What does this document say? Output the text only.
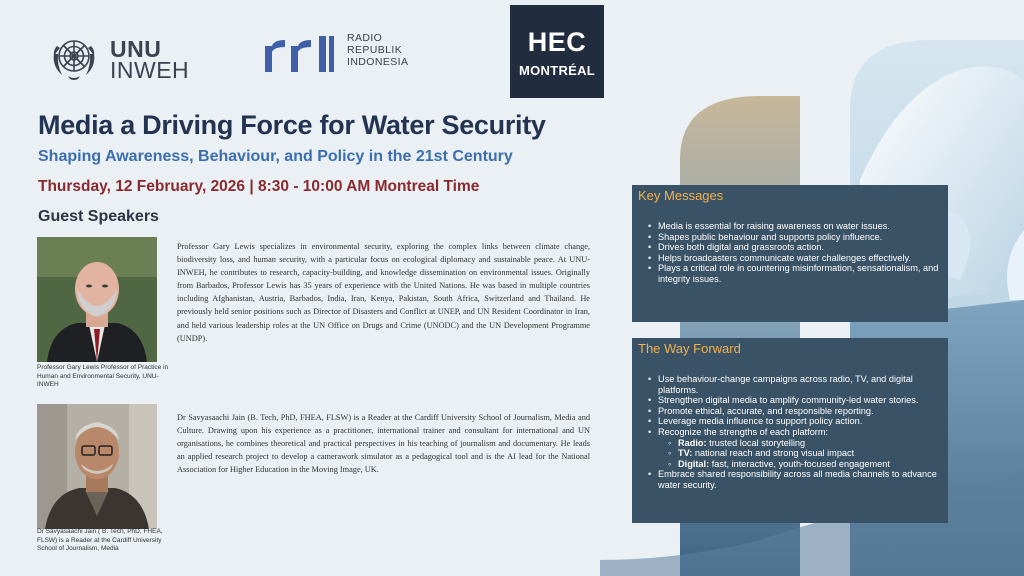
UNU
INWEH
RADIO
REPUBLIK
INDONESIA
HEC
MONTRÉAL
Media a Driving Force for Water Security
Shaping Awareness, Behaviour, and Policy in the 21st Century
Thursday, 12 February, 2026 | 8:30 - 10:00 AM Montreal Time
Guest Speakers
Professor Gary Lewis Professor of Practice in Human and Environmental Security, UNU-INWEH
Professor Gary Lewis specializes in environmental security, exploring the complex links between climate change, biodiversity loss, and human security, with a particular focus on ecological diplomacy and sustainable peace. At UNU-INWEH, he contributes to research, capacity-building, and knowledge dissemination on environmental issues. Originally from Barbados, Professor Lewis has 35 years of experience with the United Nations. He was based in multiple countries including Afghanistan, Austria, Barbados, India, Iran, Kenya, Pakistan, South Africa, Switzerland and Thailand. He previously held senior positions such as Director of Disasters and Conflict at UNEP, and UN Resident Coordinator in Iran, and held various leadership roles at the UN Office on Drugs and Crime (UNODC) and the UN Development Programme (UNDP).
Dr Savyasaachi Jain ( B. Tech, PhD, FHEA, FLSW) is a Reader at the Cardiff University School of Journalism, Media
Dr Savyasaachi Jain (B. Tech, PhD, FHEA, FLSW) is a Reader at the Cardiff University School of Journalism, Media and Culture. Drawing upon his experience as a practitioner, international trainer and consultant for international and UN organisations, he combines theoretical and practical perspectives in his teaching of journalism and documentary. He leads an applied research project to develop a camerawork simulator as a pedagogical tool and is the AI lead for the National Association for Higher Education in the Moving Image, UK.
Key Messages
• Media is essential for raising awareness on water issues.
• Shapes public behaviour and supports policy influence.
• Drives both digital and grassroots action.
• Helps broadcasters communicate water challenges effectively.
• Plays a critical role in countering misinformation, sensationalism, and integrity issues.
The Way Forward
• Use behaviour-change campaigns across radio, TV, and digital platforms.
• Strengthen digital media to amplify community-led water stories.
• Promote ethical, accurate, and responsible reporting.
• Leverage media influence to support policy action.
• Recognize the strengths of each platform:
◦ Radio: trusted local storytelling
◦ TV: national reach and strong visual impact
◦ Digital: fast, interactive, youth-focused engagement
• Embrace shared responsibility across all media channels to advance water security.
